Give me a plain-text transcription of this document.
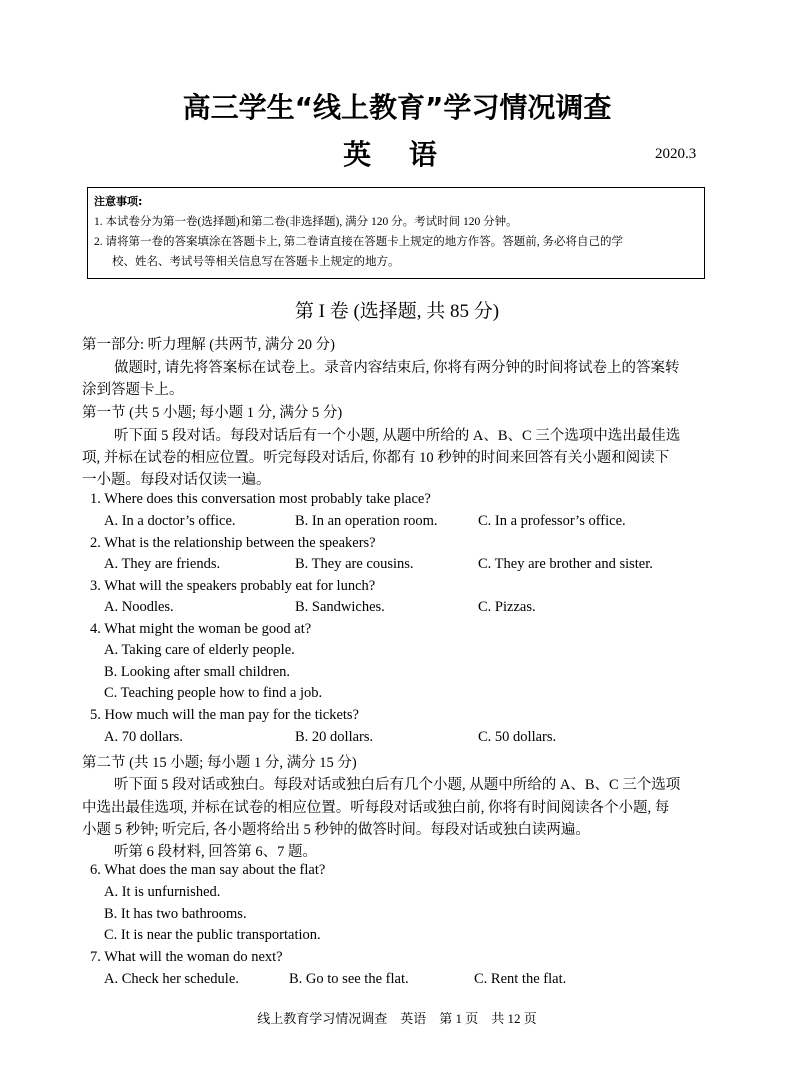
高三学生“线上教育”学习情况调查
英 语	2020.3
注意事项:
1. 本试卷分为第一卷(选择题)和第二卷(非选择题), 满分 120 分。考试时间 120 分钟。
2. 请将第一卷的答案填涂在答题卡上, 第二卷请直接在答题卡上规定的地方作答。答题前, 务必将自己的学
校、姓名、考试号等相关信息写在答题卡上规定的地方。
第 I 卷 (选择题, 共 85 分)
第一部分: 听力理解 (共两节, 满分 20 分)
做题时, 请先将答案标在试卷上。录音内容结束后, 你将有两分钟的时间将试卷上的答案转
涂到答题卡上。
第一节 (共 5 小题; 每小题 1 分, 满分 5 分)
听下面 5 段对话。每段对话后有一个小题, 从题中所给的 A、B、C 三个选项中选出最佳选
项, 并标在试卷的相应位置。听完每段对话后, 你都有 10 秒钟的时间来回答有关小题和阅读下
一小题。每段对话仅读一遍。
1. Where does this conversation most probably take place?
A. In a doctor’s office.	B. In an operation room.	C. In a professor’s office.
2. What is the relationship between the speakers?
A. They are friends.	B. They are cousins.	C. They are brother and sister.
3. What will the speakers probably eat for lunch?
A. Noodles.	B. Sandwiches.	C. Pizzas.
4. What might the woman be good at?
A. Taking care of elderly people.
B. Looking after small children.
C. Teaching people how to find a job.
5. How much will the man pay for the tickets?
A. 70 dollars.	B. 20 dollars.	C. 50 dollars.
第二节 (共 15 小题; 每小题 1 分, 满分 15 分)
听下面 5 段对话或独白。每段对话或独白后有几个小题, 从题中所给的 A、B、C 三个选项
中选出最佳选项, 并标在试卷的相应位置。听每段对话或独白前, 你将有时间阅读各个小题, 每
小题 5 秒钟; 听完后, 各小题将给出 5 秒钟的做答时间。每段对话或独白读两遍。
听第 6 段材料, 回答第 6、7 题。
6. What does the man say about the flat?
A. It is unfurnished.
B. It has two bathrooms.
C. It is near the public transportation.
7. What will the woman do next?
A. Check her schedule.	B. Go to see the flat.	C. Rent the flat.
线上教育学习情况调查　英语　第 1 页　共 12 页
